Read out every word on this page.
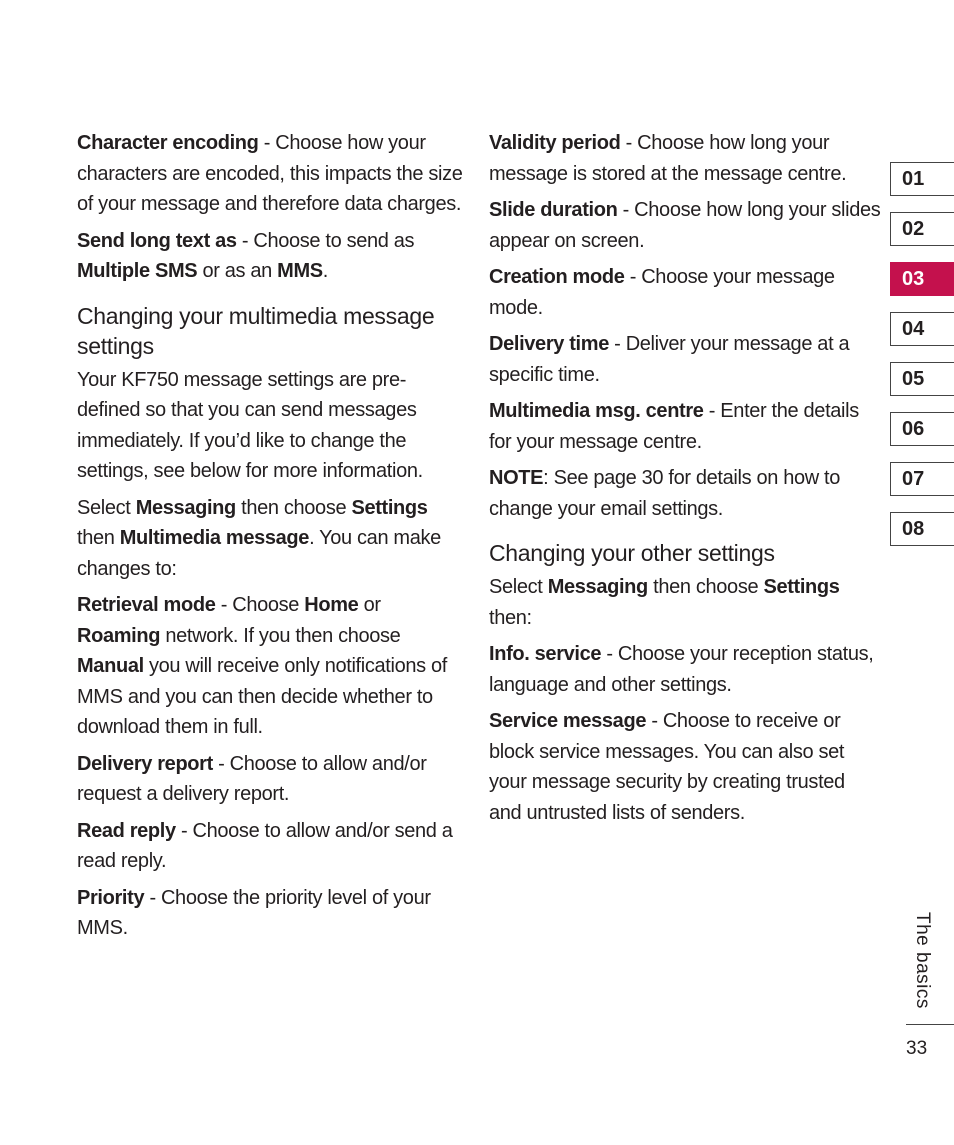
Character encoding - Choose how your characters are encoded, this impacts the size of your message and therefore data charges.

Send long text as - Choose to send as Multiple SMS or as an MMS.

Changing your multimedia message settings

Your KF750 message settings are pre-defined so that you can send messages immediately. If you’d like to change the settings, see below for more information.

Select Messaging then choose Settings then Multimedia message. You can make changes to:

Retrieval mode - Choose Home or Roaming network. If you then choose Manual you will receive only notifications of MMS and you can then decide whether to download them in full.

Delivery report - Choose to allow and/or request a delivery report.

Read reply - Choose to allow and/or send a read reply.

Priority - Choose the priority level of your MMS.

Validity period - Choose how long your message is stored at the message centre.

Slide duration - Choose how long your slides appear on screen.

Creation mode - Choose your message mode.

Delivery time - Deliver your message at a specific time.

Multimedia msg. centre - Enter the details for your message centre.

NOTE: See page 30 for details on how to change your email settings.

Changing your other settings

Select Messaging then choose Settings then:

Info. service - Choose your reception status, language and other settings.

Service message - Choose to receive or block service messages. You can also set your message security by creating trusted and untrusted lists of senders.

01
02
03
04
05
06
07
08
The basics
33
